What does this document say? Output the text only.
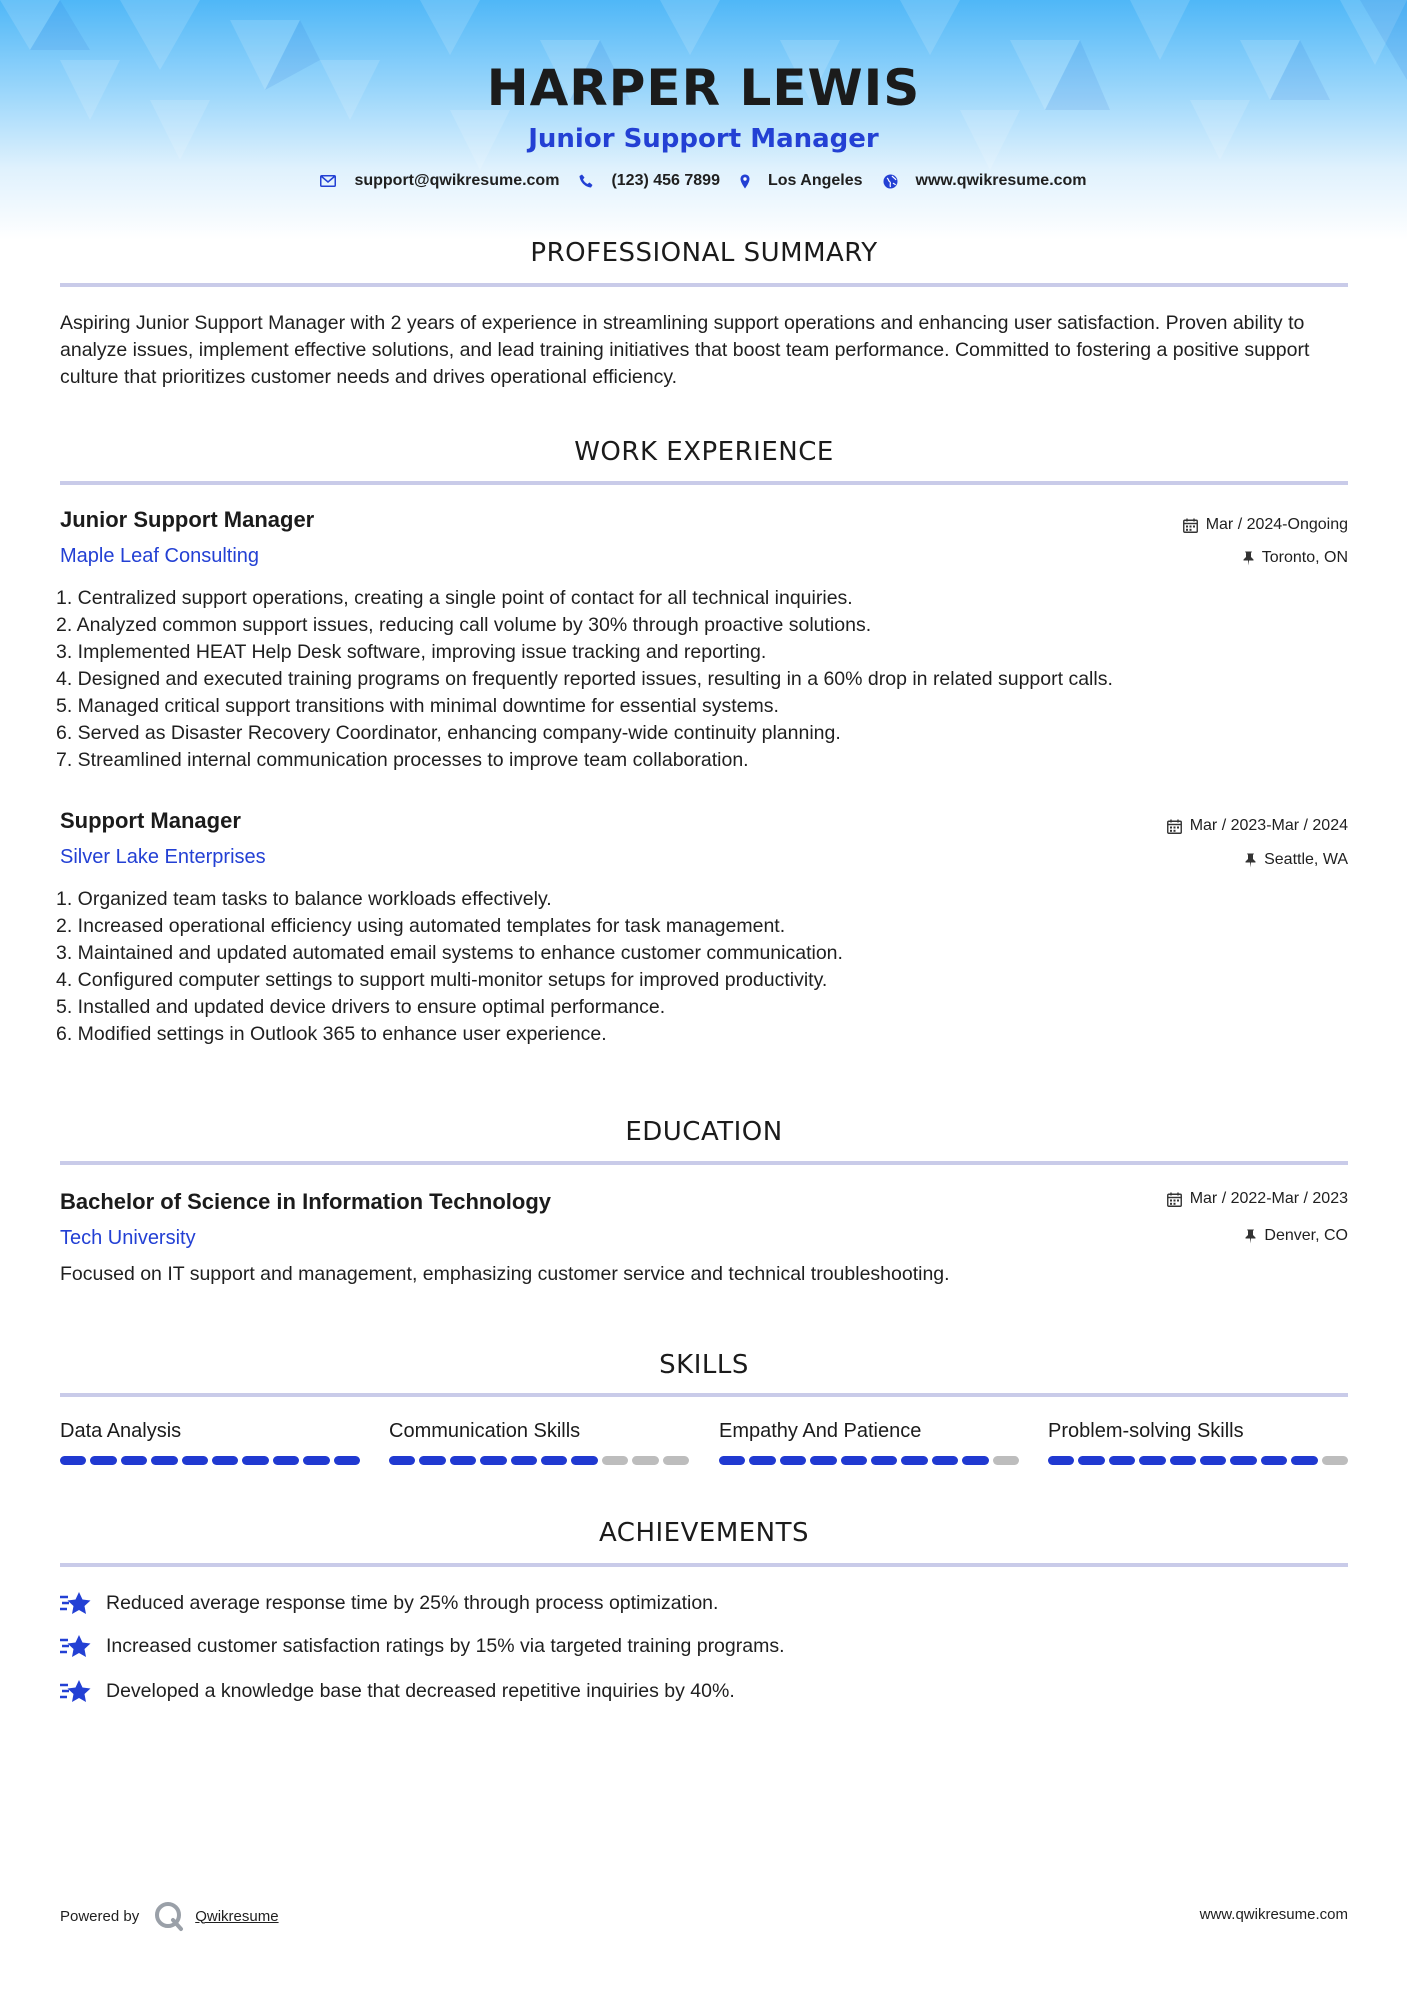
HARPER LEWIS
Junior Support Manager
support@qwikresume.com	(123) 456 7899	Los Angeles	www.qwikresume.com
PROFESSIONAL SUMMARY
Aspiring Junior Support Manager with 2 years of experience in streamlining support operations and enhancing user satisfaction. Proven ability to analyze issues, implement effective solutions, and lead training initiatives that boost team performance. Committed to fostering a positive support culture that prioritizes customer needs and drives operational efficiency.
WORK EXPERIENCE
Junior Support Manager	Mar / 2024-Ongoing
Maple Leaf Consulting	Toronto, ON
1. Centralized support operations, creating a single point of contact for all technical inquiries.
2. Analyzed common support issues, reducing call volume by 30% through proactive solutions.
3. Implemented HEAT Help Desk software, improving issue tracking and reporting.
4. Designed and executed training programs on frequently reported issues, resulting in a 60% drop in related support calls.
5. Managed critical support transitions with minimal downtime for essential systems.
6. Served as Disaster Recovery Coordinator, enhancing company-wide continuity planning.
7. Streamlined internal communication processes to improve team collaboration.
Support Manager	Mar / 2023-Mar / 2024
Silver Lake Enterprises	Seattle, WA
1. Organized team tasks to balance workloads effectively.
2. Increased operational efficiency using automated templates for task management.
3. Maintained and updated automated email systems to enhance customer communication.
4. Configured computer settings to support multi-monitor setups for improved productivity.
5. Installed and updated device drivers to ensure optimal performance.
6. Modified settings in Outlook 365 to enhance user experience.
EDUCATION
Bachelor of Science in Information Technology	Mar / 2022-Mar / 2023
Tech University	Denver, CO
Focused on IT support and management, emphasizing customer service and technical troubleshooting.
SKILLS
Data Analysis	Communication Skills	Empathy And Patience	Problem-solving Skills
ACHIEVEMENTS
Reduced average response time by 25% through process optimization.
Increased customer satisfaction ratings by 15% via targeted training programs.
Developed a knowledge base that decreased repetitive inquiries by 40%.
Powered by	Qwikresume	www.qwikresume.com
